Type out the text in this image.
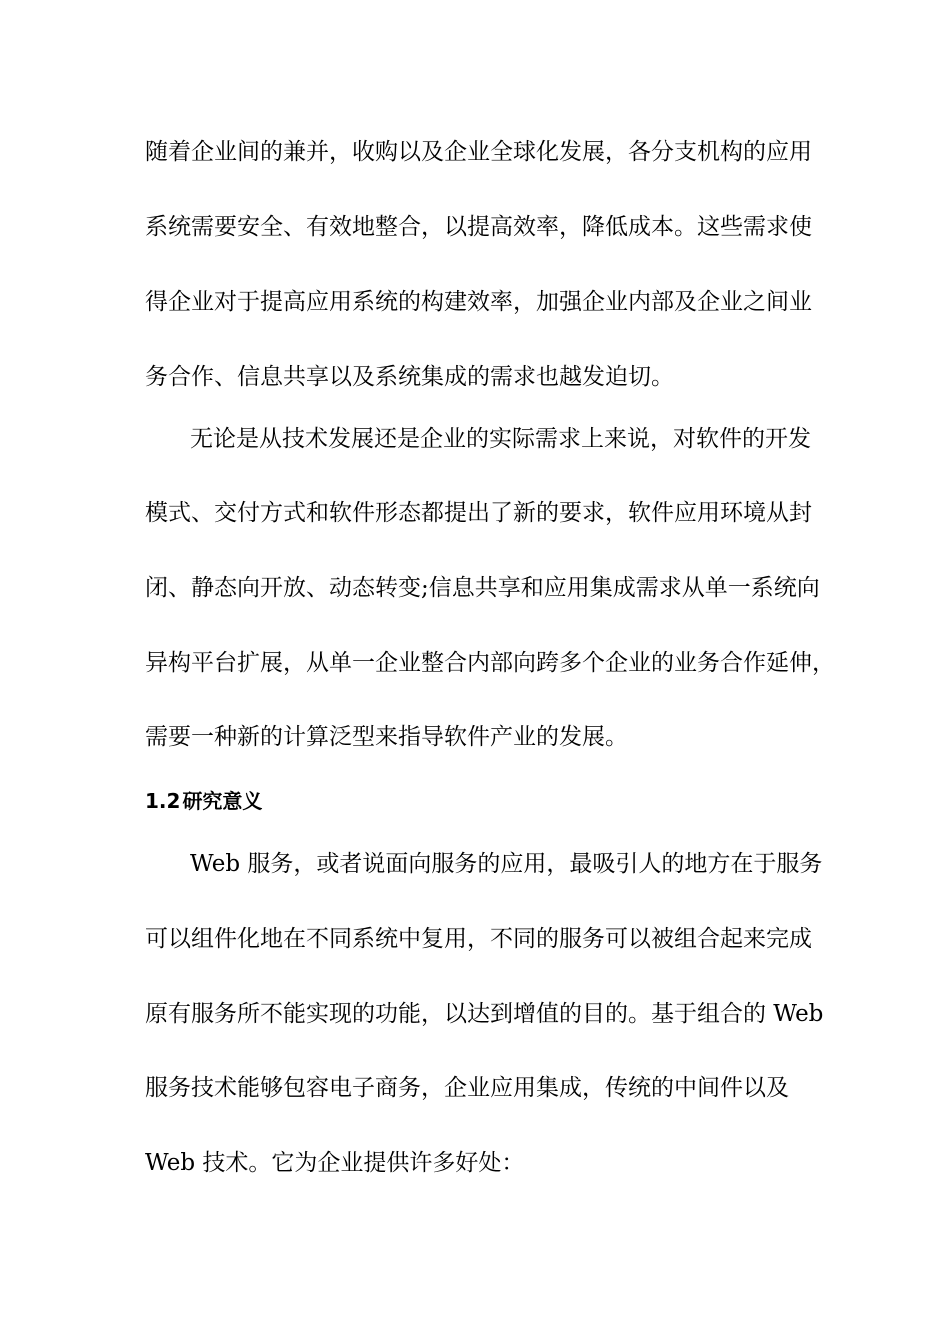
随着企业间的兼并，收购以及企业全球化发展，各分支机构的应用
系统需要安全、有效地整合，以提高效率，降低成本。这些需求使
得企业对于提高应用系统的构建效率，加强企业内部及企业之间业
务合作、信息共享以及系统集成的需求也越发迫切。
无论是从技术发展还是企业的实际需求上来说，对软件的开发
模式、交付方式和软件形态都提出了新的要求，软件应用环境从封
闭、静态向开放、动态转变;信息共享和应用集成需求从单一系统向
异构平台扩展，从单一企业整合内部向跨多个企业的业务合作延伸，
需要一种新的计算泛型来指导软件产业的发展。
1.2 研究意义
Web 服务，或者说面向服务的应用，最吸引人的地方在于服务
可以组件化地在不同系统中复用，不同的服务可以被组合起来完成
原有服务所不能实现的功能，以达到增值的目的。基于组合的 Web
服务技术能够包容电子商务，企业应用集成，传统的中间件以及
Web 技术。它为企业提供许多好处：
